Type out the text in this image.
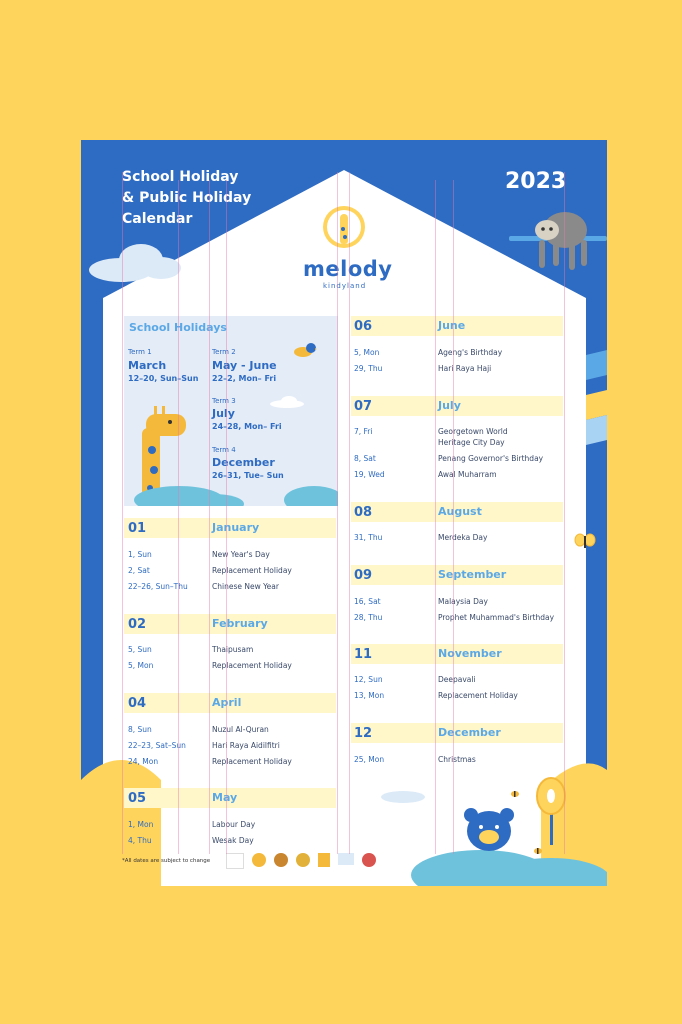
School Holiday
& Public Holiday
Calendar
2023
melody
kindyland
School Holidays
Term 1
March
12–20, Sun–Sun
Term 2
May - June
22–2, Mon– Fri
Term 3
July
24–28, Mon– Fri
Term 4
December
26–31, Tue– Sun
01	January
1, Sun	New Year's Day
2, Sat	Replacement Holiday
22–26, Sun–Thu	Chinese New Year
02	February
5, Sun	Thaipusam
5, Mon	Replacement Holiday
04	April
8, Sun	Nuzul Al-Quran
22–23, Sat–Sun	Hari Raya Aidilfitri
24, Mon	Replacement Holiday
05	May
1, Mon	Labour Day
4, Thu	Wesak Day
06	June
5, Mon	Ageng's Birthday
29, Thu	Hari Raya Haji
07	July
7, Fri	Georgetown World
Heritage City Day
8, Sat	Penang Governor's Birthday
19, Wed	Awal Muharram
08	August
31, Thu	Merdeka Day
09	September
16, Sat	Malaysia Day
28, Thu	Prophet Muhammad's Birthday
11	November
12, Sun	Deepavali
13, Mon	Replacement Holiday
12	December
25, Mon	Christmas
*All dates are subject to change
